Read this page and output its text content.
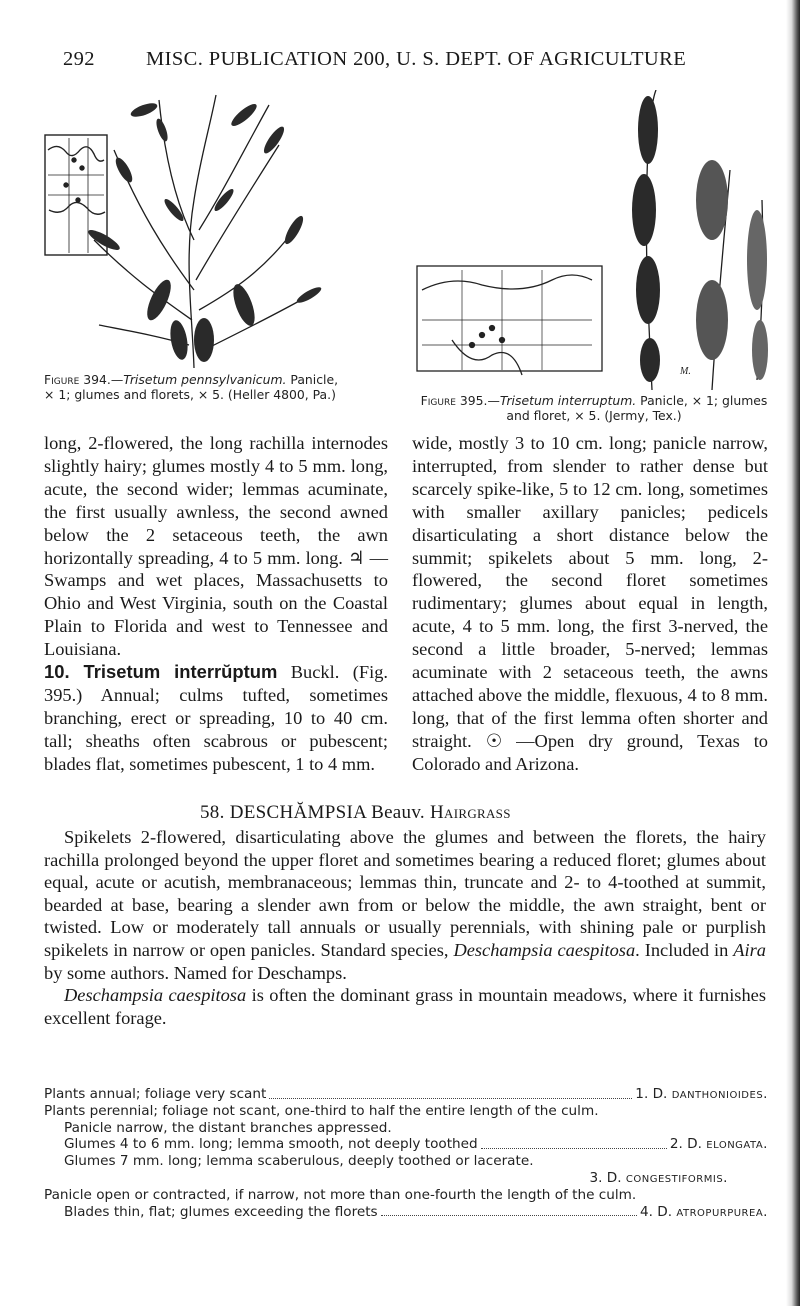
292 MISC. PUBLICATION 200, U. S. DEPT. OF AGRICULTURE
Figure 394.—Trisetum pennsylvanicum. Panicle, × 1; glumes and florets, × 5. (Heller 4800, Pa.)
M.
Figure 395.—Trisetum interruptum. Panicle, × 1; glumes and floret, × 5. (Jermy, Tex.)

long, 2-flowered, the long rachilla internodes slightly hairy; glumes mostly 4 to 5 mm. long, acute, the second wider; lemmas acuminate, the first usually awnless, the second awned below the 2 setaceous teeth, the awn horizontally spreading, 4 to 5 mm. long. ♃ —Swamps and wet places, Massachusetts to Ohio and West Virginia, south on the Coastal Plain to Florida and west to Tennessee and Louisiana.

10. Trisetum interrŭptum Buckl. (Fig. 395.) Annual; culms tufted, sometimes branching, erect or spreading, 10 to 40 cm. tall; sheaths often scabrous or pubescent; blades flat, sometimes pubescent, 1 to 4 mm.

wide, mostly 3 to 10 cm. long; panicle narrow, interrupted, from slender to rather dense but scarcely spike-like, 5 to 12 cm. long, sometimes with smaller axillary panicles; pedicels disarticulating a short distance below the summit; spikelets about 5 mm. long, 2-flowered, the second floret sometimes rudimentary; glumes about equal in length, acute, 4 to 5 mm. long, the first 3-nerved, the second a little broader, 5-nerved; lemmas acuminate with 2 setaceous teeth, the awns attached above the middle, flexuous, 4 to 8 mm. long, that of the first lemma often shorter and straight. ☉ —Open dry ground, Texas to Colorado and Arizona.

58. DESCHĂMPSIA Beauv. Hairgrass

Spikelets 2-flowered, disarticulating above the glumes and between the florets, the hairy rachilla prolonged beyond the upper floret and sometimes bearing a reduced floret; glumes about equal, acute or acutish, membranaceous; lemmas thin, truncate and 2- to 4-toothed at summit, bearded at base, bearing a slender awn from or below the middle, the awn straight, bent or twisted. Low or moderately tall annuals or usually perennials, with shining pale or purplish spikelets in narrow or open panicles. Standard species, Deschampsia caespitosa. Included in Aira by some authors. Named for Deschamps.

Deschampsia caespitosa is often the dominant grass in mountain meadows, where it furnishes excellent forage.

Plants annual; foliage very scant	1. D. danthonioides.
Plants perennial; foliage not scant, one-third to half the entire length of the culm.
Panicle narrow, the distant branches appressed.
Glumes 4 to 6 mm. long; lemma smooth, not deeply toothed	2. D. elongata.
Glumes 7 mm. long; lemma scaberulous, deeply toothed or lacerate.
3. D. congestiformis.
Panicle open or contracted, if narrow, not more than one-fourth the length of the culm.
Blades thin, flat; glumes exceeding the florets	4. D. atropurpurea.
